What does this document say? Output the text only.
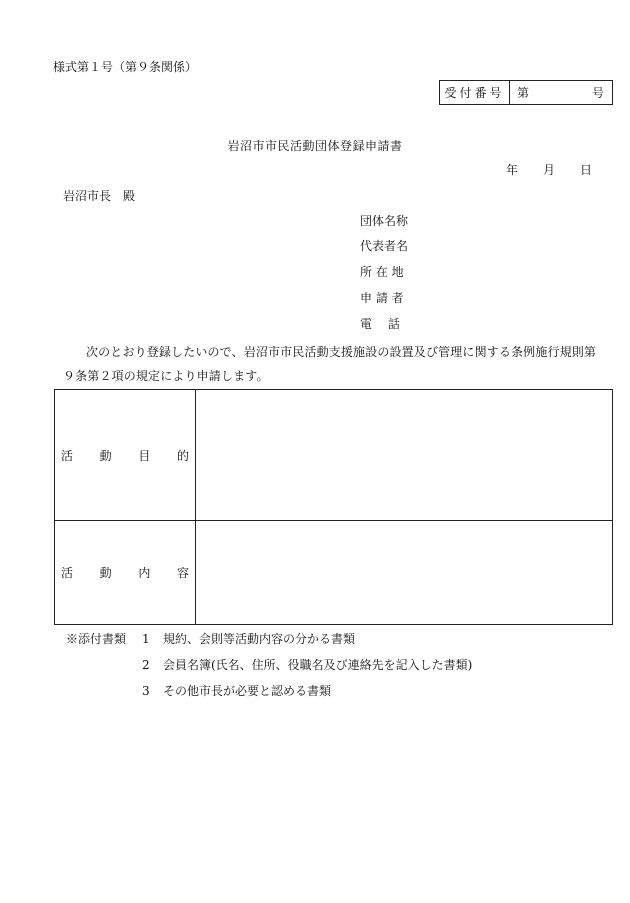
様式第１号（第９条関係）
受付番号	第	号
岩沼市市民活動団体登録申請書
年 月 日
岩沼市長　殿
団体名称
代表者名
所 在 地
申 請 者
電　 話
次のとおり登録したいので、岩沼市市民活動支援施設の設置及び管理に関する条例施行規則第
９条第２項の規定により申請します。
活 動 目 的
活 動 内 容
※添付書類 1 規約、会則等活動内容の分かる書類
2 会員名簿(氏名、住所、役職名及び連絡先を記入した書類)
3 その他市長が必要と認める書類
